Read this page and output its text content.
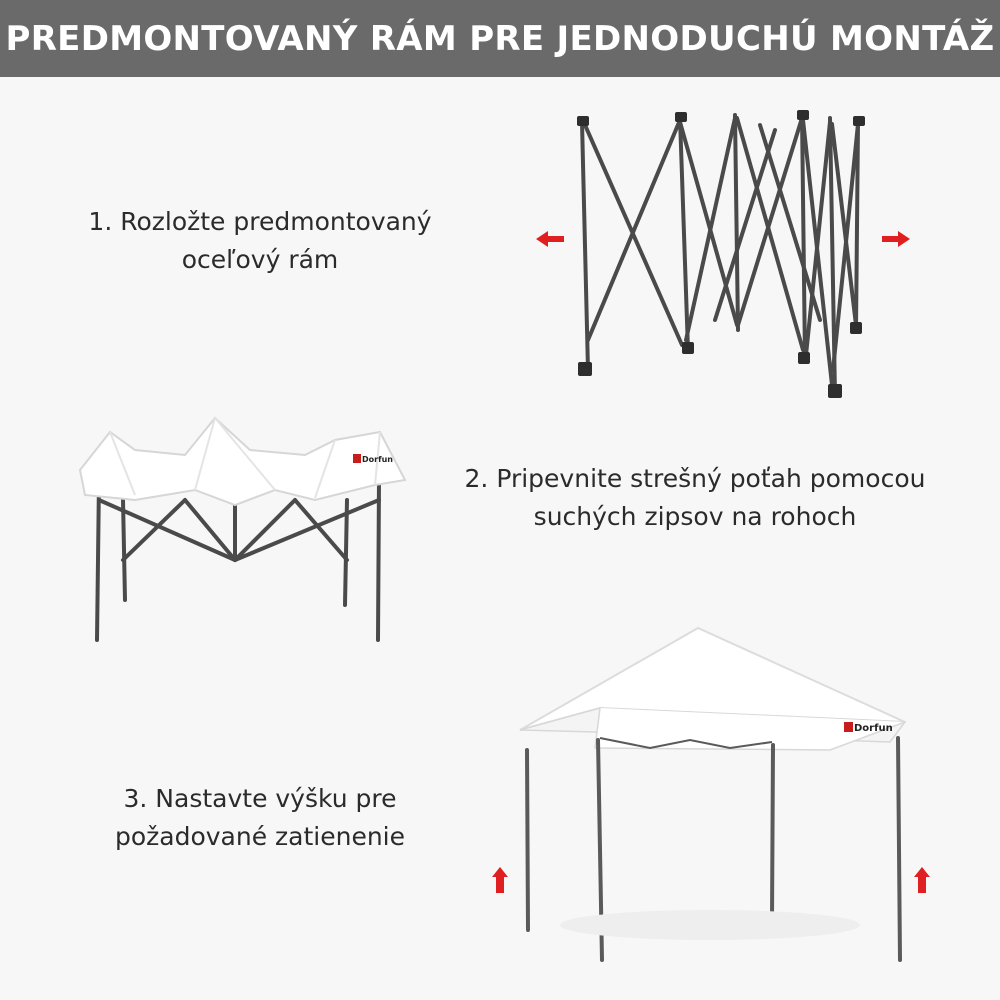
PREDMONTOVANÝ RÁM PRE JEDNODUCHÚ MONTÁŽ
1. Rozložte predmontovaný
oceľový rám
2. Pripevnite strešný poťah pomocou
suchých zipsov na rohoch
3. Nastavte výšku pre
požadované zatienenie
Dorfun
Dorfun
